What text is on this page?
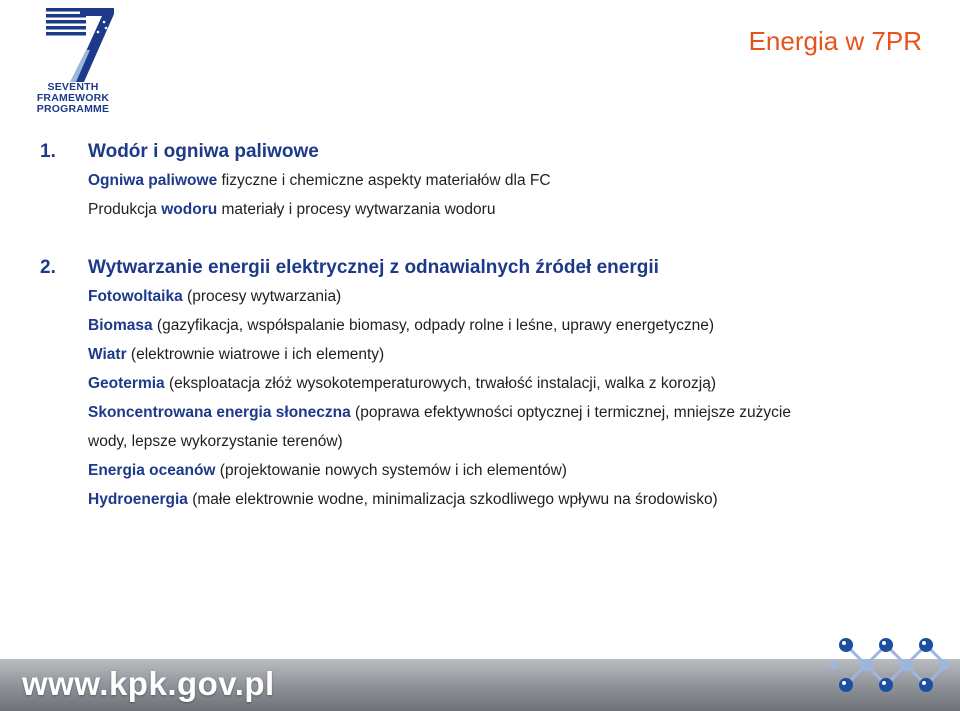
SEVENTH FRAMEWORK
PROGRAMME
Energia w 7PR
1.	Wodór i ogniwa paliwowe
Ogniwa paliwowe fizyczne i chemiczne aspekty materiałów dla FC
Produkcja wodoru materiały i procesy wytwarzania wodoru
2.	Wytwarzanie energii elektrycznej z odnawialnych źródeł energii
Fotowoltaika (procesy wytwarzania)
Biomasa (gazyfikacja, współspalanie biomasy, odpady rolne i leśne, uprawy energetyczne)
Wiatr (elektrownie wiatrowe i ich elementy)
Geotermia (eksploatacja złóż wysokotemperaturowych, trwałość instalacji, walka z korozją)
Skoncentrowana energia słoneczna (poprawa efektywności optycznej i termicznej, mniejsze zużycie
wody, lepsze wykorzystanie terenów)
Energia oceanów (projektowanie nowych systemów i ich elementów)
Hydroenergia (małe elektrownie wodne, minimalizacja szkodliwego wpływu na środowisko)
www.kpk.gov.pl
